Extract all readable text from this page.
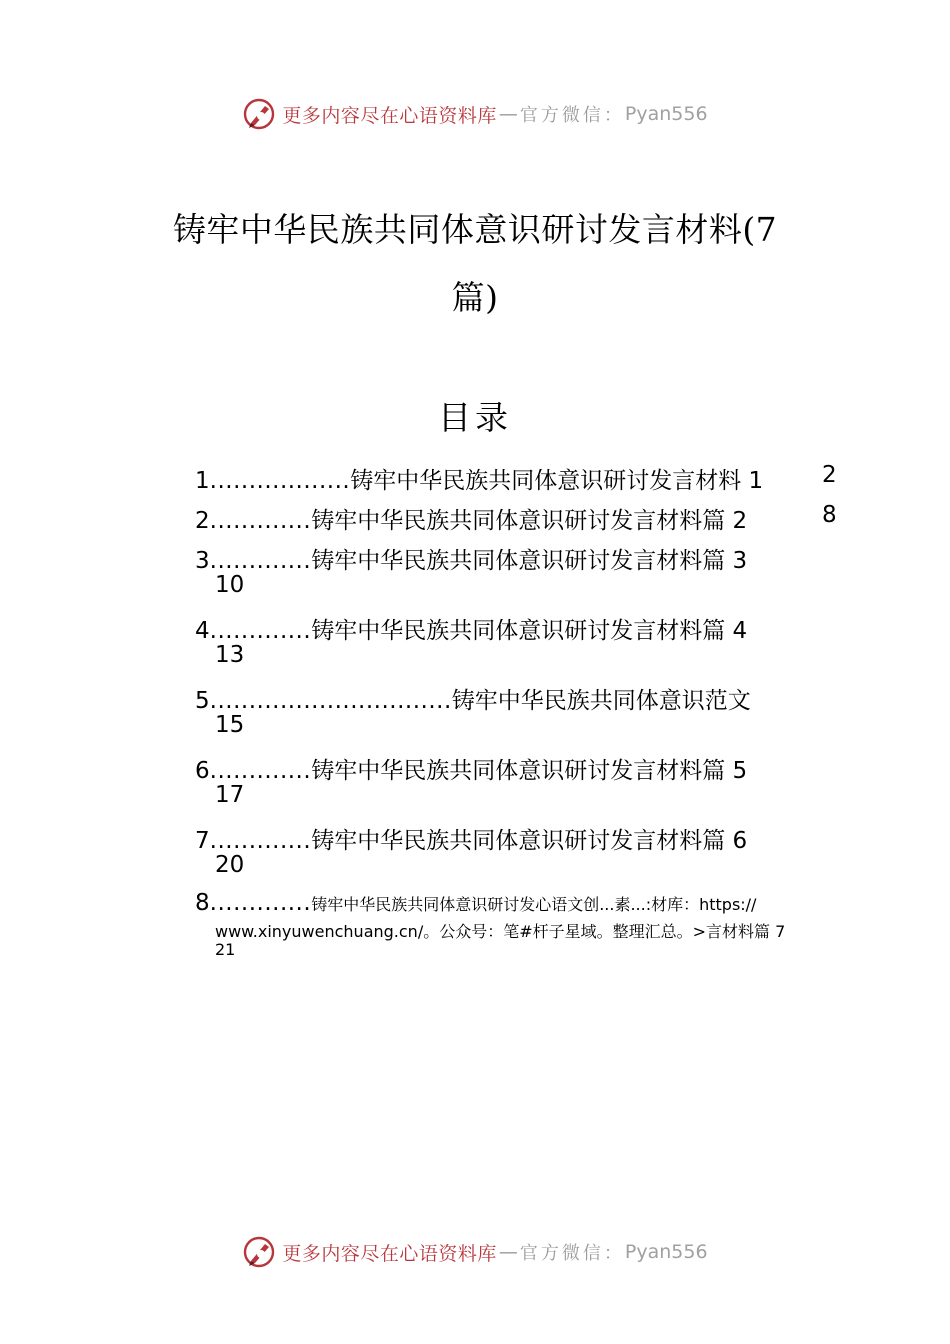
更多内容尽在心语资料库 — 官方微信： Pyan556
铸牢中华民族共同体意识研讨发言材料(7
篇)
目录
1..................铸牢中华民族共同体意识研讨发言材料 1	2
2.............铸牢中华民族共同体意识研讨发言材料篇 2	8
3.............铸牢中华民族共同体意识研讨发言材料篇 3
10
4.............铸牢中华民族共同体意识研讨发言材料篇 4
13
5...............................铸牢中华民族共同体意识范文
15
6.............铸牢中华民族共同体意识研讨发言材料篇 5
17
7.............铸牢中华民族共同体意识研讨发言材料篇 6
20
8.............铸牢中华民族共同体意识研讨发心语文创...素...:材库：https://
www.xinyuwenchuang.cn/。公众号：笔#杆子星域。整理汇总。>言材料篇 7
21
更多内容尽在心语资料库 — 官方微信： Pyan556
